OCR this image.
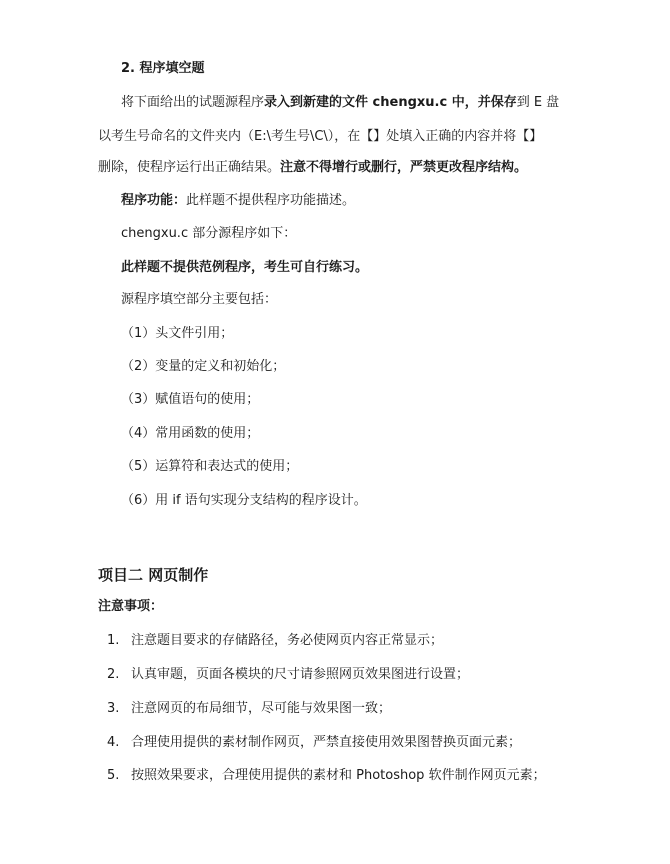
2. 程序填空题
将下面给出的试题源程序录入到新建的文件 chengxu.c 中，并保存到 E 盘
以考生号命名的文件夹内（E:\考生号\C\），在【】处填入正确的内容并将【】
删除，使程序运行出正确结果。注意不得增行或删行，严禁更改程序结构。
程序功能：此样题不提供程序功能描述。
chengxu.c 部分源程序如下：
此样题不提供范例程序，考生可自行练习。
源程序填空部分主要包括：
（1）头文件引用；
（2）变量的定义和初始化；
（3）赋值语句的使用；
（4）常用函数的使用；
（5）运算符和表达式的使用；
（6）用 if 语句实现分支结构的程序设计。
项目二 网页制作
注意事项：
1. 注意题目要求的存储路径，务必使网页内容正常显示；
2. 认真审题，页面各模块的尺寸请参照网页效果图进行设置；
3. 注意网页的布局细节，尽可能与效果图一致；
4. 合理使用提供的素材制作网页，严禁直接使用效果图替换页面元素；
5. 按照效果要求，合理使用提供的素材和 Photoshop 软件制作网页元素；
